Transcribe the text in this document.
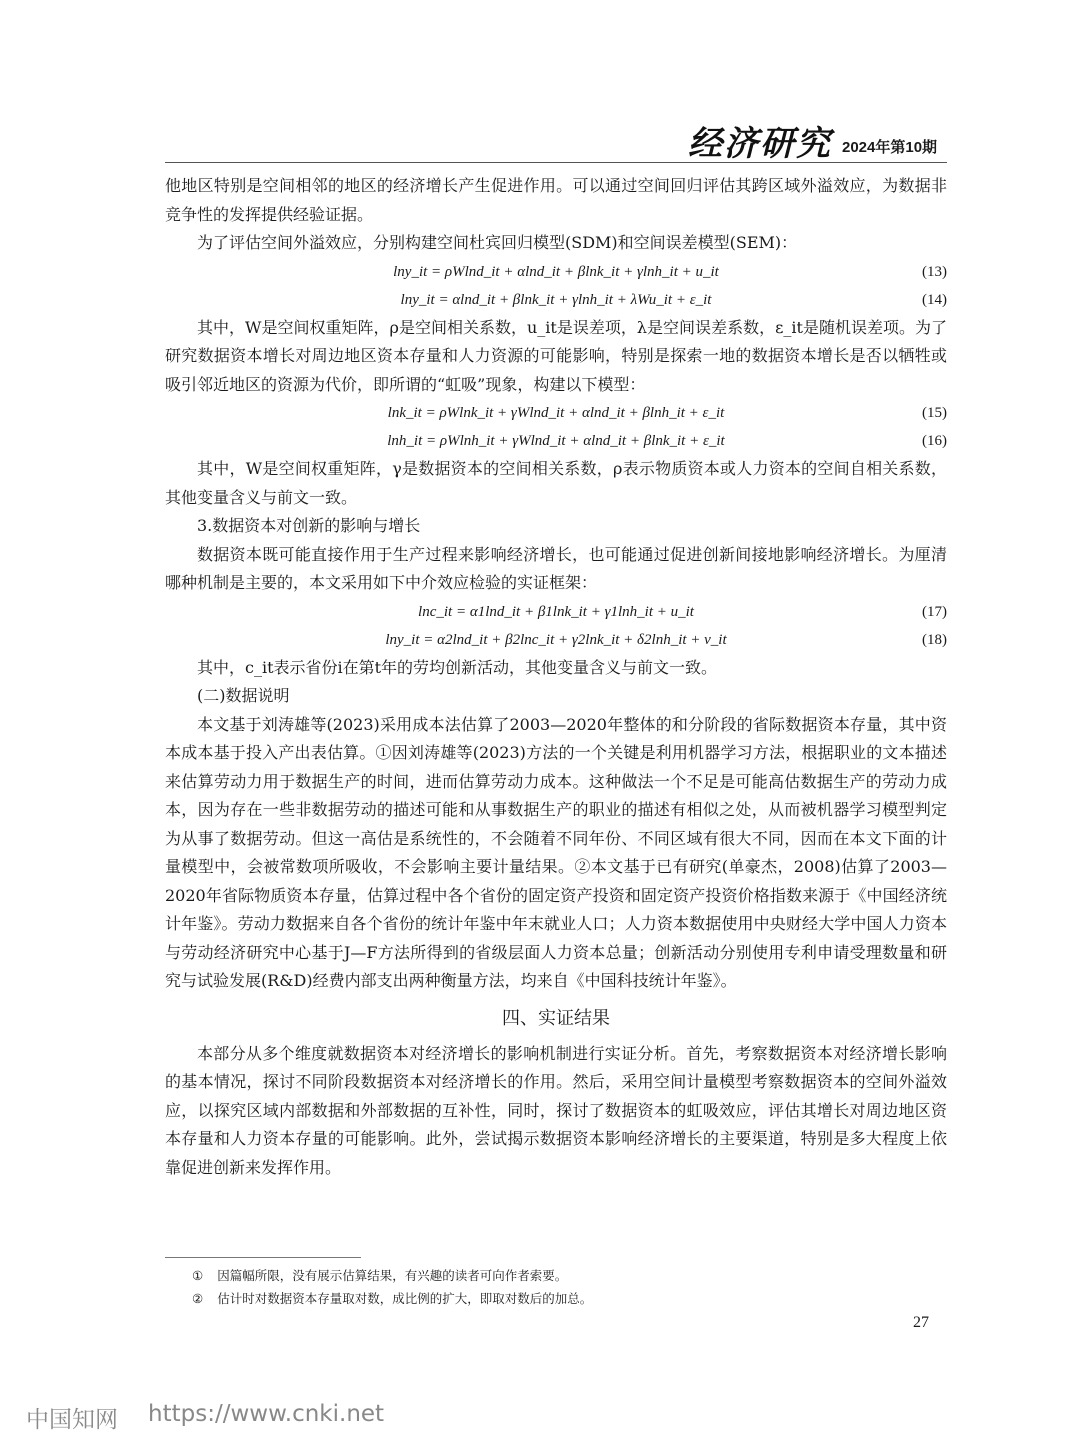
经济研究 2024年第10期

他地区特别是空间相邻的地区的经济增长产生促进作用。可以通过空间回归评估其跨区域外溢效应，为数据非竞争性的发挥提供经验证据。

为了评估空间外溢效应，分别构建空间杜宾回归模型(SDM)和空间误差模型(SEM)：

lny_it = ρWlnd_it + αlnd_it + βlnk_it + γlnh_it + u_it	(13)
lny_it = αlnd_it + βlnk_it + γlnh_it + λWu_it + ε_it	(14)

其中，W是空间权重矩阵，ρ是空间相关系数，u_it是误差项，λ是空间误差系数，ε_it是随机误差项。为了研究数据资本增长对周边地区资本存量和人力资源的可能影响，特别是探索一地的数据资本增长是否以牺牲或吸引邻近地区的资源为代价，即所谓的“虹吸”现象，构建以下模型：

lnk_it = ρWlnk_it + γWlnd_it + αlnd_it + βlnh_it + ε_it	(15)
lnh_it = ρWlnh_it + γWlnd_it + αlnd_it + βlnk_it + ε_it	(16)

其中，W是空间权重矩阵，γ是数据资本的空间相关系数，ρ表示物质资本或人力资本的空间自相关系数，其他变量含义与前文一致。

3.数据资本对创新的影响与增长

数据资本既可能直接作用于生产过程来影响经济增长，也可能通过促进创新间接地影响经济增长。为厘清哪种机制是主要的，本文采用如下中介效应检验的实证框架：

lnc_it = α1lnd_it + β1lnk_it + γ1lnh_it + u_it	(17)
lny_it = α2lnd_it + β2lnc_it + γ2lnk_it + δ2lnh_it + v_it	(18)

其中，c_it表示省份i在第t年的劳均创新活动，其他变量含义与前文一致。

(二)数据说明

本文基于刘涛雄等(2023)采用成本法估算了2003—2020年整体的和分阶段的省际数据资本存量，其中资本成本基于投入产出表估算。①因刘涛雄等(2023)方法的一个关键是利用机器学习方法，根据职业的文本描述来估算劳动力用于数据生产的时间，进而估算劳动力成本。这种做法一个不足是可能高估数据生产的劳动力成本，因为存在一些非数据劳动的描述可能和从事数据生产的职业的描述有相似之处，从而被机器学习模型判定为从事了数据劳动。但这一高估是系统性的，不会随着不同年份、不同区域有很大不同，因而在本文下面的计量模型中，会被常数项所吸收，不会影响主要计量结果。②本文基于已有研究(单豪杰，2008)估算了2003—2020年省际物质资本存量，估算过程中各个省份的固定资产投资和固定资产投资价格指数来源于《中国经济统计年鉴》。劳动力数据来自各个省份的统计年鉴中年末就业人口；人力资本数据使用中央财经大学中国人力资本与劳动经济研究中心基于J—F方法所得到的省级层面人力资本总量；创新活动分别使用专利申请受理数量和研究与试验发展(R&D)经费内部支出两种衡量方法，均来自《中国科技统计年鉴》。

四、实证结果

本部分从多个维度就数据资本对经济增长的影响机制进行实证分析。首先，考察数据资本对经济增长影响的基本情况，探讨不同阶段数据资本对经济增长的作用。然后，采用空间计量模型考察数据资本的空间外溢效应，以探究区域内部数据和外部数据的互补性，同时，探讨了数据资本的虹吸效应，评估其增长对周边地区资本存量和人力资本存量的可能影响。此外，尝试揭示数据资本影响经济增长的主要渠道，特别是多大程度上依靠促进创新来发挥作用。

① 因篇幅所限，没有展示估算结果，有兴趣的读者可向作者索要。
② 估计时对数据资本存量取对数，成比例的扩大，即取对数后的加总。
27
中国知网 https://www.cnki.net
